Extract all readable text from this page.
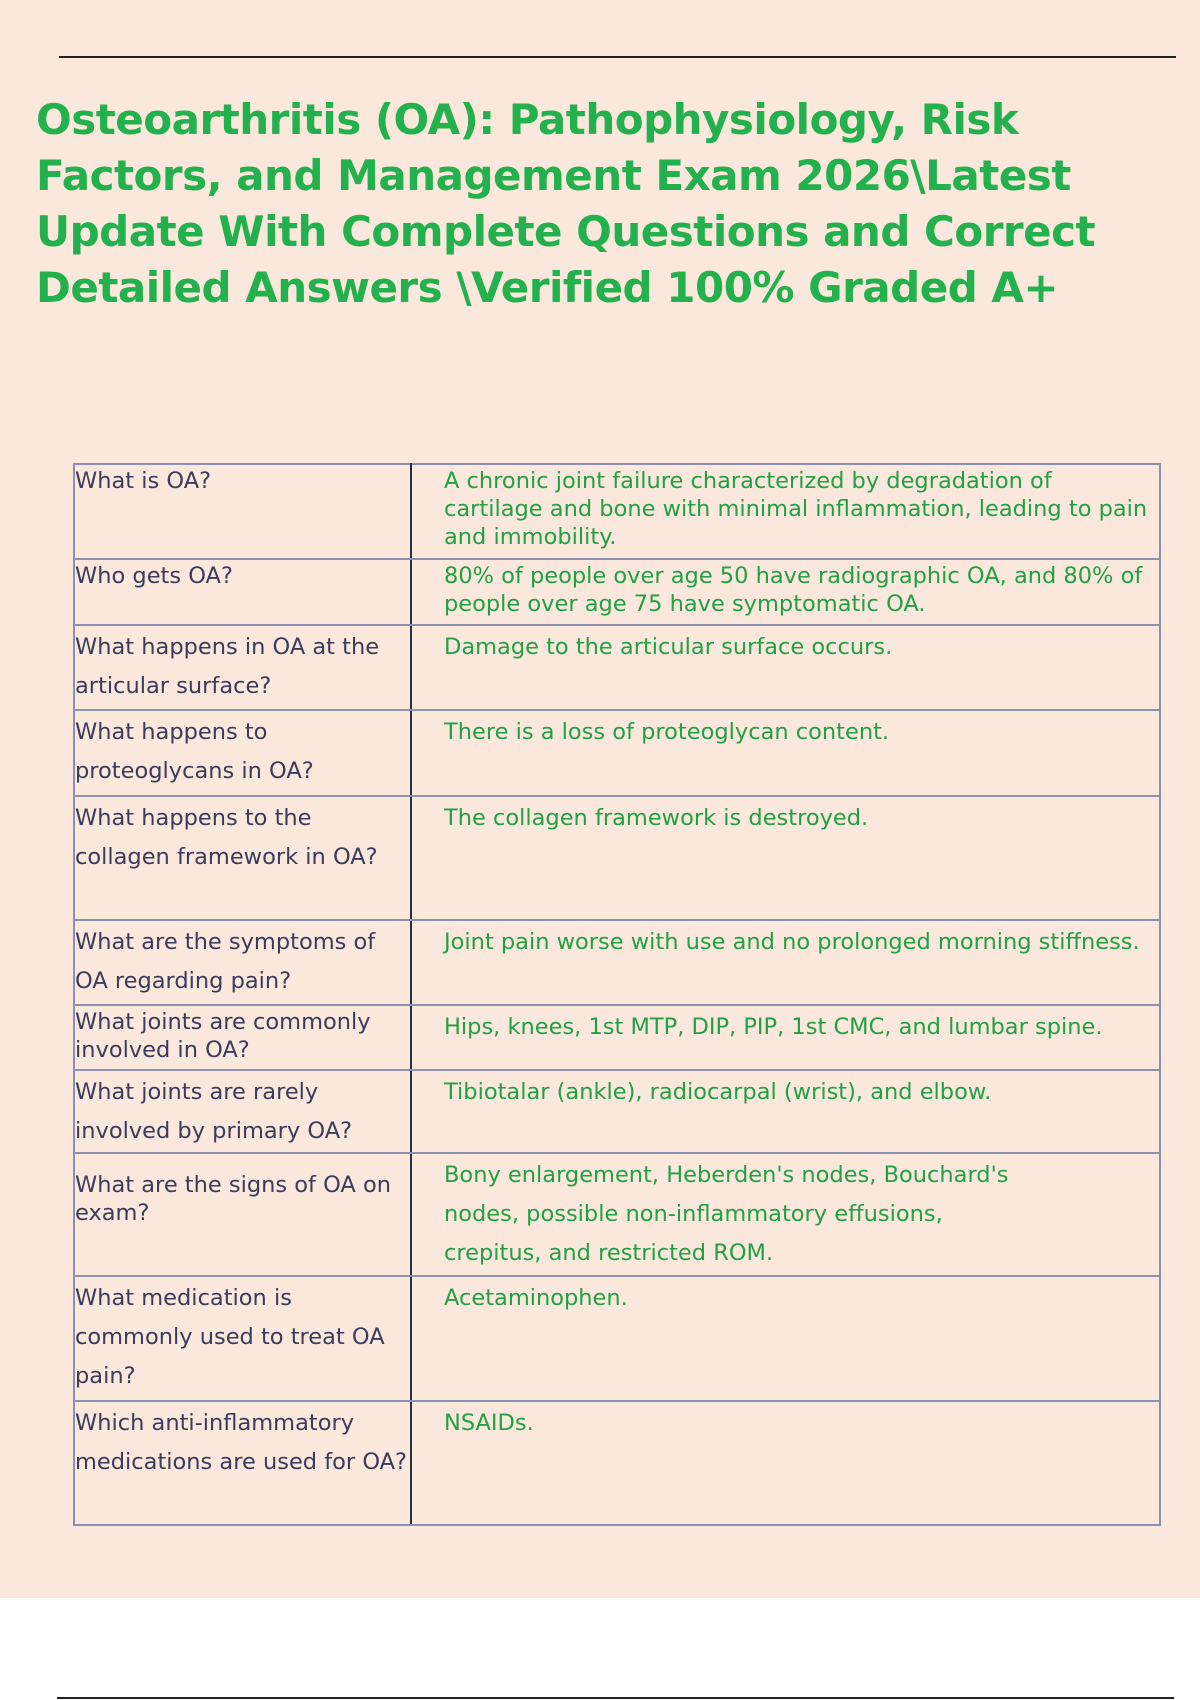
Osteoarthritis (OA): Pathophysiology, Risk Factors, and Management Exam 2026\Latest Update With Complete Questions and Correct Detailed Answers \Verified 100% Graded A+
What is OA?	A chronic joint failure characterized by degradation of cartilage and bone with minimal inflammation, leading to pain and immobility.
Who gets OA?	80% of people over age 50 have radiographic OA, and 80% of people over age 75 have symptomatic OA.
What happens in OA at the articular surface?	Damage to the articular surface occurs.
What happens to proteoglycans in OA?	There is a loss of proteoglycan content.
What happens to the collagen framework in OA?	The collagen framework is destroyed.
What are the symptoms of OA regarding pain?	Joint pain worse with use and no prolonged morning stiffness.
What joints are commonly involved in OA?	Hips, knees, 1st MTP, DIP, PIP, 1st CMC, and lumbar spine.
What joints are rarely involved by primary OA?	Tibiotalar (ankle), radiocarpal (wrist), and elbow.
What are the signs of OA on exam?	Bony enlargement, Heberden's nodes, Bouchard's nodes, possible non-inflammatory effusions, crepitus, and restricted ROM.
What medication is commonly used to treat OA pain?	Acetaminophen.
Which anti-inflammatory medications are used for OA?	NSAIDs.
